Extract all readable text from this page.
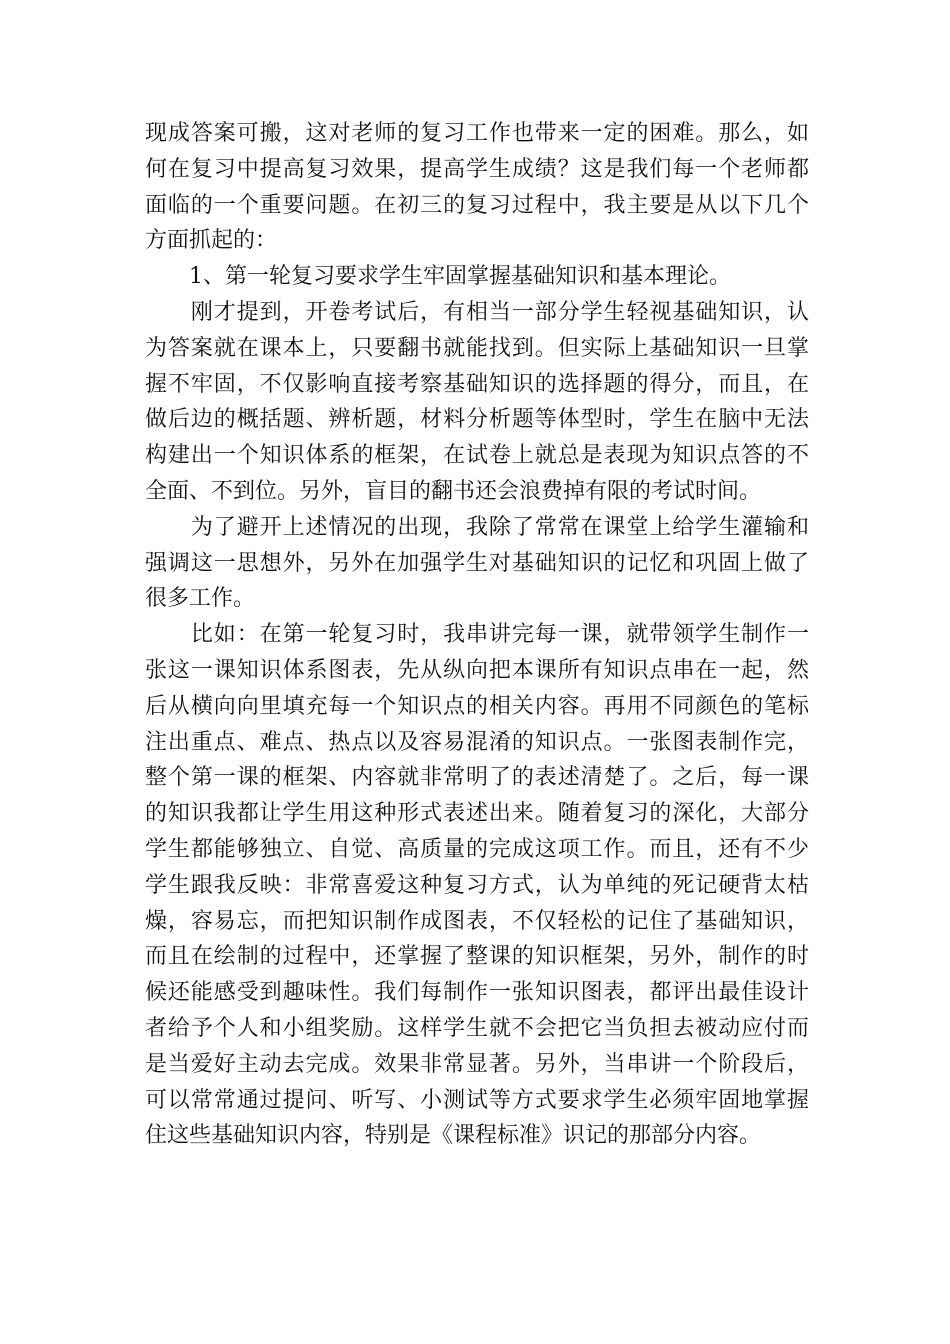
现成答案可搬，这对老师的复习工作也带来一定的困难。那么，如
何在复习中提高复习效果，提高学生成绩？这是我们每一个老师都
面临的一个重要问题。在初三的复习过程中，我主要是从以下几个
方面抓起的：
　　1、第一轮复习要求学生牢固掌握基础知识和基本理论。
　　刚才提到，开卷考试后，有相当一部分学生轻视基础知识，认
为答案就在课本上，只要翻书就能找到。但实际上基础知识一旦掌
握不牢固，不仅影响直接考察基础知识的选择题的得分，而且，在
做后边的概括题、辨析题，材料分析题等体型时，学生在脑中无法
构建出一个知识体系的框架，在试卷上就总是表现为知识点答的不
全面、不到位。另外，盲目的翻书还会浪费掉有限的考试时间。
　　为了避开上述情况的出现，我除了常常在课堂上给学生灌输和
强调这一思想外，另外在加强学生对基础知识的记忆和巩固上做了
很多工作。
　　比如：在第一轮复习时，我串讲完每一课，就带领学生制作一
张这一课知识体系图表，先从纵向把本课所有知识点串在一起，然
后从横向向里填充每一个知识点的相关内容。再用不同颜色的笔标
注出重点、难点、热点以及容易混淆的知识点。一张图表制作完，
整个第一课的框架、内容就非常明了的表述清楚了。之后，每一课
的知识我都让学生用这种形式表述出来。随着复习的深化，大部分
学生都能够独立、自觉、高质量的完成这项工作。而且，还有不少
学生跟我反映：非常喜爱这种复习方式，认为单纯的死记硬背太枯
燥，容易忘，而把知识制作成图表，不仅轻松的记住了基础知识，
而且在绘制的过程中，还掌握了整课的知识框架，另外，制作的时
候还能感受到趣味性。我们每制作一张知识图表，都评出最佳设计
者给予个人和小组奖励。这样学生就不会把它当负担去被动应付而
是当爱好主动去完成。效果非常显著。另外，当串讲一个阶段后，
可以常常通过提问、听写、小测试等方式要求学生必须牢固地掌握
住这些基础知识内容，特别是《课程标准》识记的那部分内容。
